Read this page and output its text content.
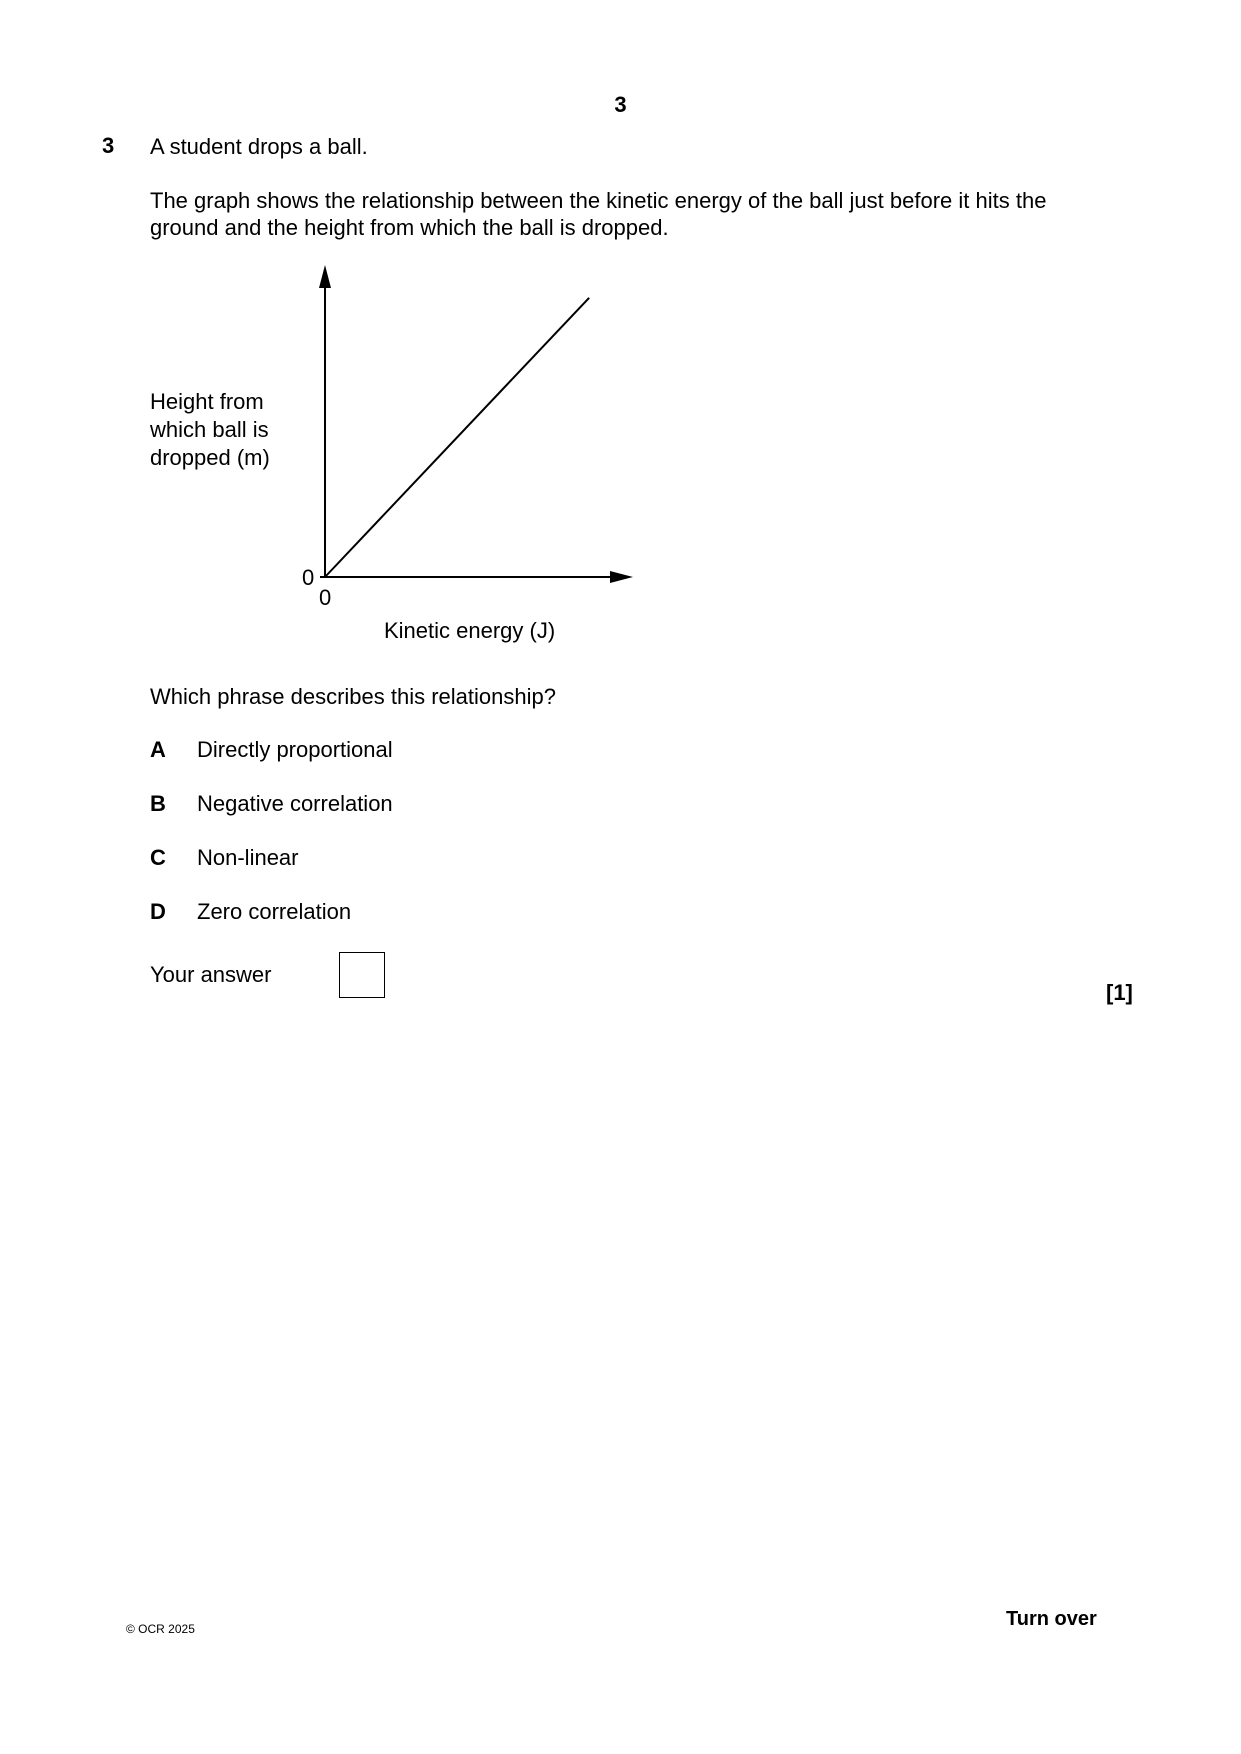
3
3 A student drops a ball.
The graph shows the relationship between the kinetic energy of the ball just before it hits the
ground and the height from which the ball is dropped.
Height from
which ball is
dropped (m)
0
0
Kinetic energy (J)
Which phrase describes this relationship?
A Directly proportional
B Negative correlation
C Non-linear
D Zero correlation
Your answer
[1]
© OCR 2025	Turn over
